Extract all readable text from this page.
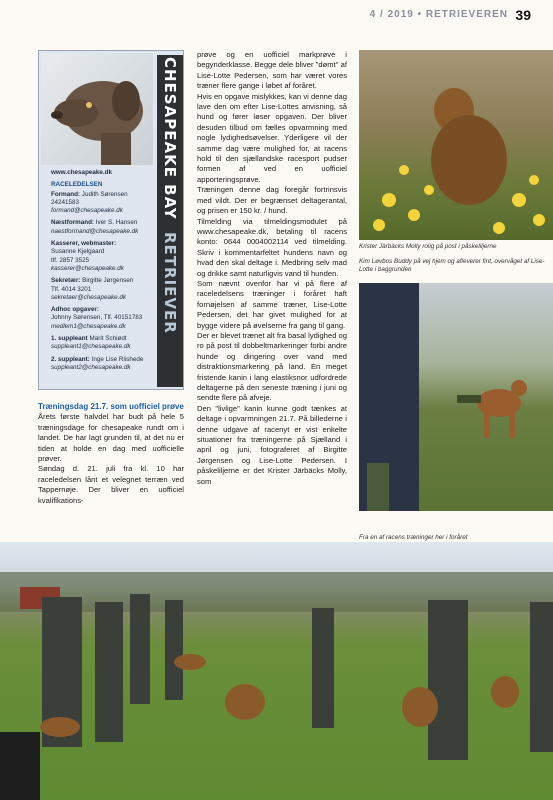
4 / 2019 • RETRIEVEREN 39
CHESAPEAKE BAY RETRIEVER
www.chesapeake.dk
RACELEDELSEN
Formand: Judith Sørensen
24241583
formand@chesapeake.dk
Næstformand: Iver S. Hansen
naestformand@chesapeake.dk
Kasserer, webmaster:
Susanne Kjelgaard
tlf. 2857 3525
kasserer@chesapeake.dk
Sekretær: Birgitte Jørgensen
Tlf. 4014 3201
sekretaer@chesapeake.dk
Adhoc opgaver:
Johnny Sørensen, Tlf. 40151783
medlem1@chesapeake.dk
1. suppleant Marit Schiødt
suppleant1@chesapeake.dk
2. suppleant: Inge Lise Riishede
suppleant2@chesapeake.dk

Træningsdag 21.7. som uofficiel prøve

Årets første halvdel har budt på hele 5 træningsdage for chesapeake rundt om i landet. De har lagt grunden til, at det nu er tiden at holde en dag med uofficielle prøver.
Søndag d. 21. juli fra kl. 10 har raceledelsen lånt et velegnet terræn ved Tappernøje. Der bliver en uofficiel kvalifikations-

prøve og en uofficiel markprøve i begynderklasse. Begge dele bliver "dømt" af Lise-Lotte Pedersen, som har været vores træner flere gange i løbet af foråret.
Hvis en opgave mislykkes, kan vi denne dag lave den om efter Lise-Lottes anvisning, så hund og fører løser opgaven. Der bliver desuden tilbud om fælles opvarmning med nogle lydighedsøvelser. Yderligere vil der samme dag være mulighed for, at racens hold til den sjællandske racesport pudser formen af ved en uofficiel apporteringsprøve.
Træningen denne dag foregår fortrinsvis med vildt. Der er begrænset deltagerantal, og prisen er 150 kr. / hund.
Tilmelding via tilmeldingsmodulet på www.chesapeake.dk, betaling til racens konto: 0644 0004002114 ved tilmelding. Skriv i kommentarfeltet hundens navn og hvad den skal deltage i. Medbring selv mad og drikke samt naturligvis vand til hunden.
Som nævnt ovenfor har vi på flere af raceledelsens træninger i foråret haft fornøjelsen af samme træner, Lise-Lotte Pedersen, det har givet mulighed for at bygge videre på øvelserne fra gang til gang.
Der er blevet trænet alt fra basal lydighed og ro på post til dobbeltmarkeringer forbi andre hunde og dirigering over vand med distraktionsmarkering på land. En meget fristende kanin i lang elastiksnor udfordrede deltagerne på den seneste træning i juni og sendte flere på afveje.
Den "livlige" kanin kunne godt tænkes at deltage i opvarmningen 21.7. På billederne i denne udgave af racenyt er vist enkelte situationer fra træningerne på Sjælland i april og juni, fotograferet af Birgitte Jørgensen og Lise-Lotte Pedersen. I påskeliljerne er det Krister Järbäcks Molly, som

Krister Järbäcks Molly rolig på post i påskeliljerne
Kim Løvbos Buddy på vej hjem og afleverer fint, overvåget af Lise-Lotte i baggrunden
Fra en af racens træninger her i foråret
